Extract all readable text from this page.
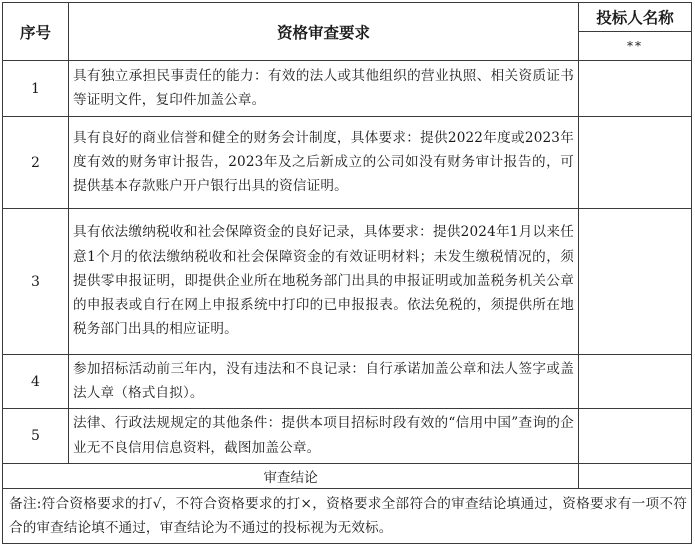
序号	资格审查要求	投标人名称
		**
1	具有独立承担民事责任的能力：有效的法人或其他组织的营业执照、相关资质证书等证明文件，复印件加盖公章。	
2	具有良好的商业信誉和健全的财务会计制度，具体要求：提供2022年度或2023年度有效的财务审计报告，2023年及之后新成立的公司如没有财务审计报告的，可提供基本存款账户开户银行出具的资信证明。	
3	具有依法缴纳税收和社会保障资金的良好记录，具体要求：提供2024年1月以来任意1个月的依法缴纳税收和社会保障资金的有效证明材料；未发生缴税情况的，须提供零申报证明，即提供企业所在地税务部门出具的申报证明或加盖税务机关公章的申报表或自行在网上申报系统中打印的已申报报表。依法免税的，须提供所在地税务部门出具的相应证明。	
4	参加招标活动前三年内，没有违法和不良记录：自行承诺加盖公章和法人签字或盖法人章（格式自拟）。	
5	法律、行政法规规定的其他条件：提供本项目招标时段有效的“信用中国”查询的企业无不良信用信息资料，截图加盖公章。	
审查结论		
备注:符合资格要求的打√，不符合资格要求的打×，资格要求全部符合的审查结论填通过，资格要求有一项不符合的审查结论填不通过，审查结论为不通过的投标视为无效标。		
